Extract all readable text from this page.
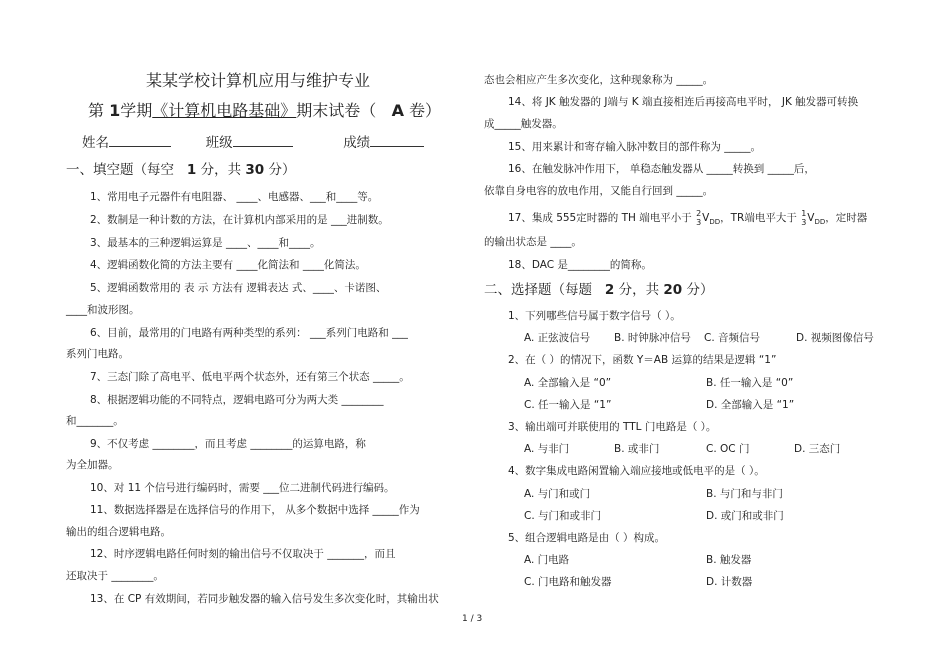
某某学校计算机应用与维护专业
第 1学期《计算机电路基础》期末试卷（ A 卷）
姓名	班级	成绩
一、填空题（每空 1 分，共 30 分）
1、常用电子元器件有电阻器、 ____、电感器、___和____等。
2、数制是一种计数的方法，在计算机内部采用的是 ___进制数。
3、最基本的三种逻辑运算是 ____、____和____。
4、逻辑函数化简的方法主要有 ____化简法和 ____化简法。
5、逻辑函数常用的 表 示 方法有 逻辑表达 式、____、卡诺图、
____和波形图。
6、目前，最常用的门电路有两种类型的系列： ___系列门电路和 ___
系列门电路。
7、三态门除了高电平、低电平两个状态外，还有第三个状态 _____。
8、根据逻辑功能的不同特点，逻辑电路可分为两大类 ________
和_______。
9、不仅考虑 ________，而且考虑 ________的运算电路，称
为全加器。
10、对 11 个信号进行编码时，需要 ___位二进制代码进行编码。
11、数据选择器是在选择信号的作用下， 从多个数据中选择 _____作为
输出的组合逻辑电路。
12、时序逻辑电路任何时刻的输出信号不仅取决于 _______，而且
还取决于 ________。
13、在 CP 有效期间，若同步触发器的输入信号发生多次变化时，其输出状
态也会相应产生多次变化，这种现象称为 _____。
14、将 JK 触发器的 J端与 K 端直接相连后再接高电平时， JK 触发器可转换
成_____触发器。
15、用来累计和寄存输入脉冲数目的部件称为 _____。
16、在触发脉冲作用下， 单稳态触发器从 _____转换到 _____后，
依靠自身电容的放电作用，又能自行回到 _____。
17、集成 555定时器的 TH 端电平小于 2
$3V_{DD}$，TR端电平大于 1
$3V_{DD}$，定时器
的输出状态是 ____。
18、DAC 是________的简称。
二、选择题（每题 2 分，共 20 分）
1、下列哪些信号属于数字信号（ ）。
A. 正弦波信号 B. 时钟脉冲信号 C. 音频信号	D. 视频图像信号
2、在（ ）的情况下，函数 Y＝AB 运算的结果是逻辑 “1”
A. 全部输入是 “0”	B. 任一输入是 “0”
C. 任一输入是 “1”	D. 全部输入是 “1”
3、输出端可并联使用的 TTL 门电路是（ ）。
A. 与非门	B. 或非门	C. OC 门	D. 三态门
4、数字集成电路闲置输入端应接地或低电平的是（ ）。
A. 与门和或门	B. 与门和与非门
C. 与门和或非门	D. 或门和或非门
5、组合逻辑电路是由（ ）构成。
A. 门电路	B. 触发器
C. 门电路和触发器	D. 计数器
1 / 3
